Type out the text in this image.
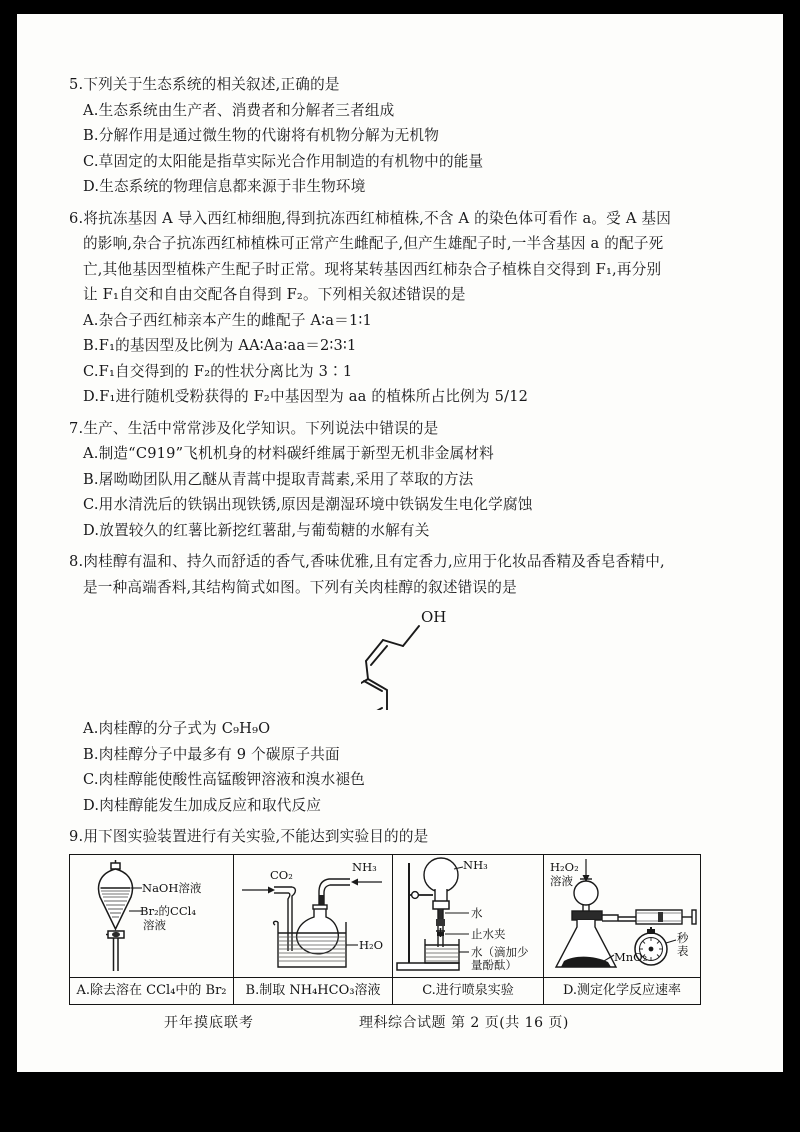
5.下列关于生态系统的相关叙述,正确的是
A.生态系统由生产者、消费者和分解者三者组成
B.分解作用是通过微生物的代谢将有机物分解为无机物
C.草固定的太阳能是指草实际光合作用制造的有机物中的能量
D.生态系统的物理信息都来源于非生物环境
6.将抗冻基因 A 导入西红柿细胞,得到抗冻西红柿植株,不含 A 的染色体可看作 a。受 A 基因
的影响,杂合子抗冻西红柿植株可正常产生雌配子,但产生雄配子时,一半含基因 a 的配子死
亡,其他基因型植株产生配子时正常。现将某转基因西红柿杂合子植株自交得到 F₁,再分别
让 F₁自交和自由交配各自得到 F₂。下列相关叙述错误的是
A.杂合子西红柿亲本产生的雌配子 A∶a＝1∶1
B.F₁的基因型及比例为 AA∶Aa∶aa＝2∶3∶1
C.F₁自交得到的 F₂的性状分离比为 3∶1
D.F₁进行随机受粉获得的 F₂中基因型为 aa 的植株所占比例为 5/12
7.生产、生活中常常涉及化学知识。下列说法中错误的是
A.制造“C919”飞机机身的材料碳纤维属于新型无机非金属材料
B.屠呦呦团队用乙醚从青蒿中提取青蒿素,采用了萃取的方法
C.用水清洗后的铁锅出现铁锈,原因是潮湿环境中铁锅发生电化学腐蚀
D.放置较久的红薯比新挖红薯甜,与葡萄糖的水解有关
8.肉桂醇有温和、持久而舒适的香气,香味优雅,且有定香力,应用于化妆品香精及香皂香精中,
是一种高端香料,其结构简式如图。下列有关肉桂醇的叙述错误的是
OH
A.肉桂醇的分子式为 C₉H₉O
B.肉桂醇分子中最多有 9 个碳原子共面
C.肉桂醇能使酸性高锰酸钾溶液和溴水褪色
D.肉桂醇能发生加成反应和取代反应
9.用下图实验装置进行有关实验,不能达到实验目的的是
NaOH溶液
Br₂的CCl₄
溶液	CO₂
NH₃
H₂O	NH₃
水
止水夹
水（滴加少
量酚酞）	H₂O₂
溶液
MnO₂
秒
表

A.除去溶在 CCl₄中的 Br₂	B.制取 NH₄HCO₃溶液	C.进行喷泉实验	D.测定化学反应速率
开年摸底联考	理科综合试题 第 2 页(共 16 页)
